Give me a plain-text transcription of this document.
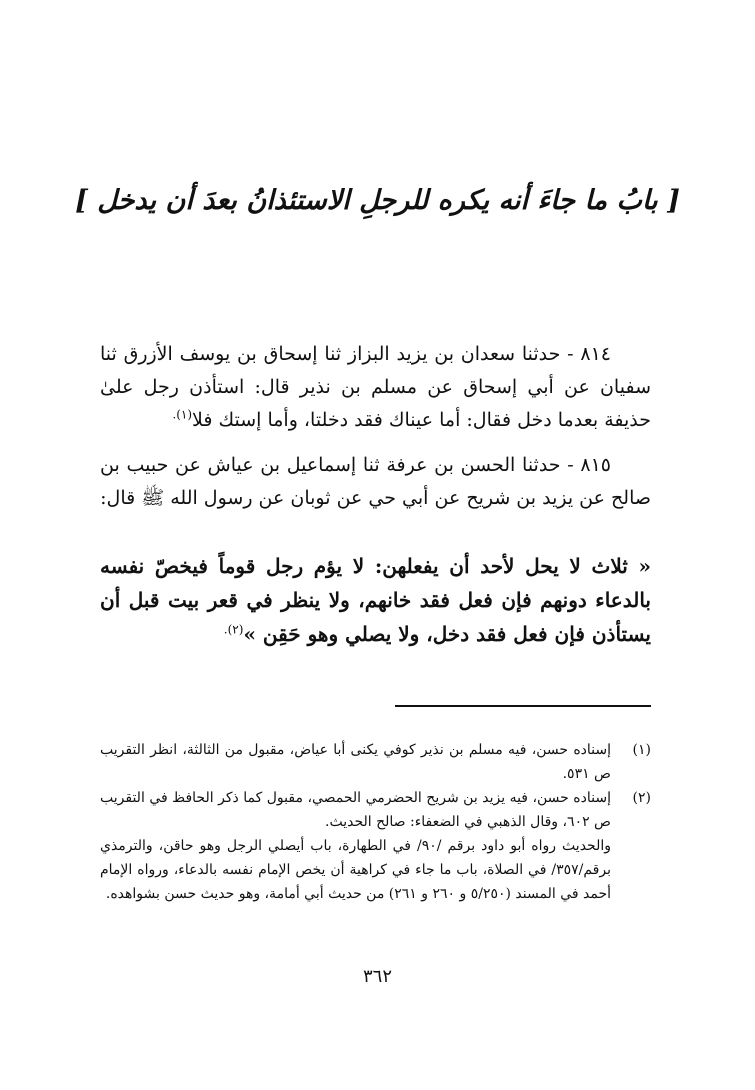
[ بابُ ما جاءَ أنه يكره للرجلِ الاستئذانُ بعدَ أن يدخل ]

٨١٤ - حدثنا سعدان بن يزيد البزاز ثنا إسحاق بن يوسف الأزرق ثنا سفيان عن أبي إسحاق عن مسلم بن نذير قال: استأذن رجل علىٰ حذيفة بعدما دخل فقال: أما عيناك فقد دخلتا، وأما إستك فلا$^{(١).}$

٨١٥ - حدثنا الحسن بن عرفة ثنا إسماعيل بن عياش عن حبيب بن صالح عن يزيد بن شريح عن أبي حي عن ثوبان عن رسول الله ﷺ قال:

« ثلاث لا يحل لأحد أن يفعلهن: لا يؤم رجل قوماً فيخصّ نفسه بالدعاء دونهم فإن فعل فقد خانهم، ولا ينظر في قعر بيت قبل أن يستأذن فإن فعل فقد دخل، ولا يصلي وهو حَقِن »$^{(٢).}$

(١)

إسناده حسن، فيه مسلم بن نذير كوفي يكنى أبا عياض، مقبول من الثالثة، انظر التقريب ص ٥٣١.

(٢)

إسناده حسن، فيه يزيد بن شريح الحضرمي الحمصي، مقبول كما ذكر الحافظ في التقريب ص ٦٠٢، وقال الذهبي في الضعفاء: صالح الحديث.

والحديث رواه أبو داود برقم /٩٠/ في الطهارة، باب أيصلي الرجل وهو حاقن، والترمذي برقم/٣٥٧/ في الصلاة، باب ما جاء في كراهية أن يخص الإمام نفسه بالدعاء، ورواه الإمام أحمد في المسند (٥/٢٥٠ و ٢٦٠ و ٢٦١) من حديث أبي أمامة، وهو حديث حسن بشواهده.

٣٦٢
